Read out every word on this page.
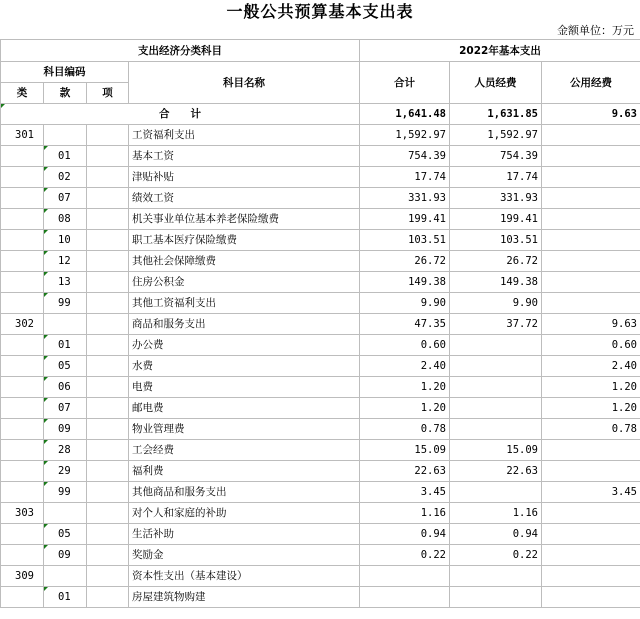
一般公共预算基本支出表
金额单位：万元
支出经济分类科目				2022年基本支出		
科目编码			科目名称	合计	人员经费	公用经费
类	款	项				
合　　计				1,641.48	1,631.85	9.63
301			工资福利支出	1,592.97	1,592.97	
	01		基本工资	754.39	754.39	
	02		津贴补贴	17.74	17.74	
	07		绩效工资	331.93	331.93	
	08		机关事业单位基本养老保险缴费	199.41	199.41	
	10		职工基本医疗保险缴费	103.51	103.51	
	12		其他社会保障缴费	26.72	26.72	
	13		住房公积金	149.38	149.38	
	99		其他工资福利支出	9.90	9.90	
302			商品和服务支出	47.35	37.72	9.63
	01		办公费	0.60		0.60
	05		水费	2.40		2.40
	06		电费	1.20		1.20
	07		邮电费	1.20		1.20
	09		物业管理费	0.78		0.78
	28		工会经费	15.09	15.09	
	29		福利费	22.63	22.63	
	99		其他商品和服务支出	3.45		3.45
303			对个人和家庭的补助	1.16	1.16	
	05		生活补助	0.94	0.94	
	09		奖励金	0.22	0.22	
309			资本性支出（基本建设）			
	01		房屋建筑物购建			
